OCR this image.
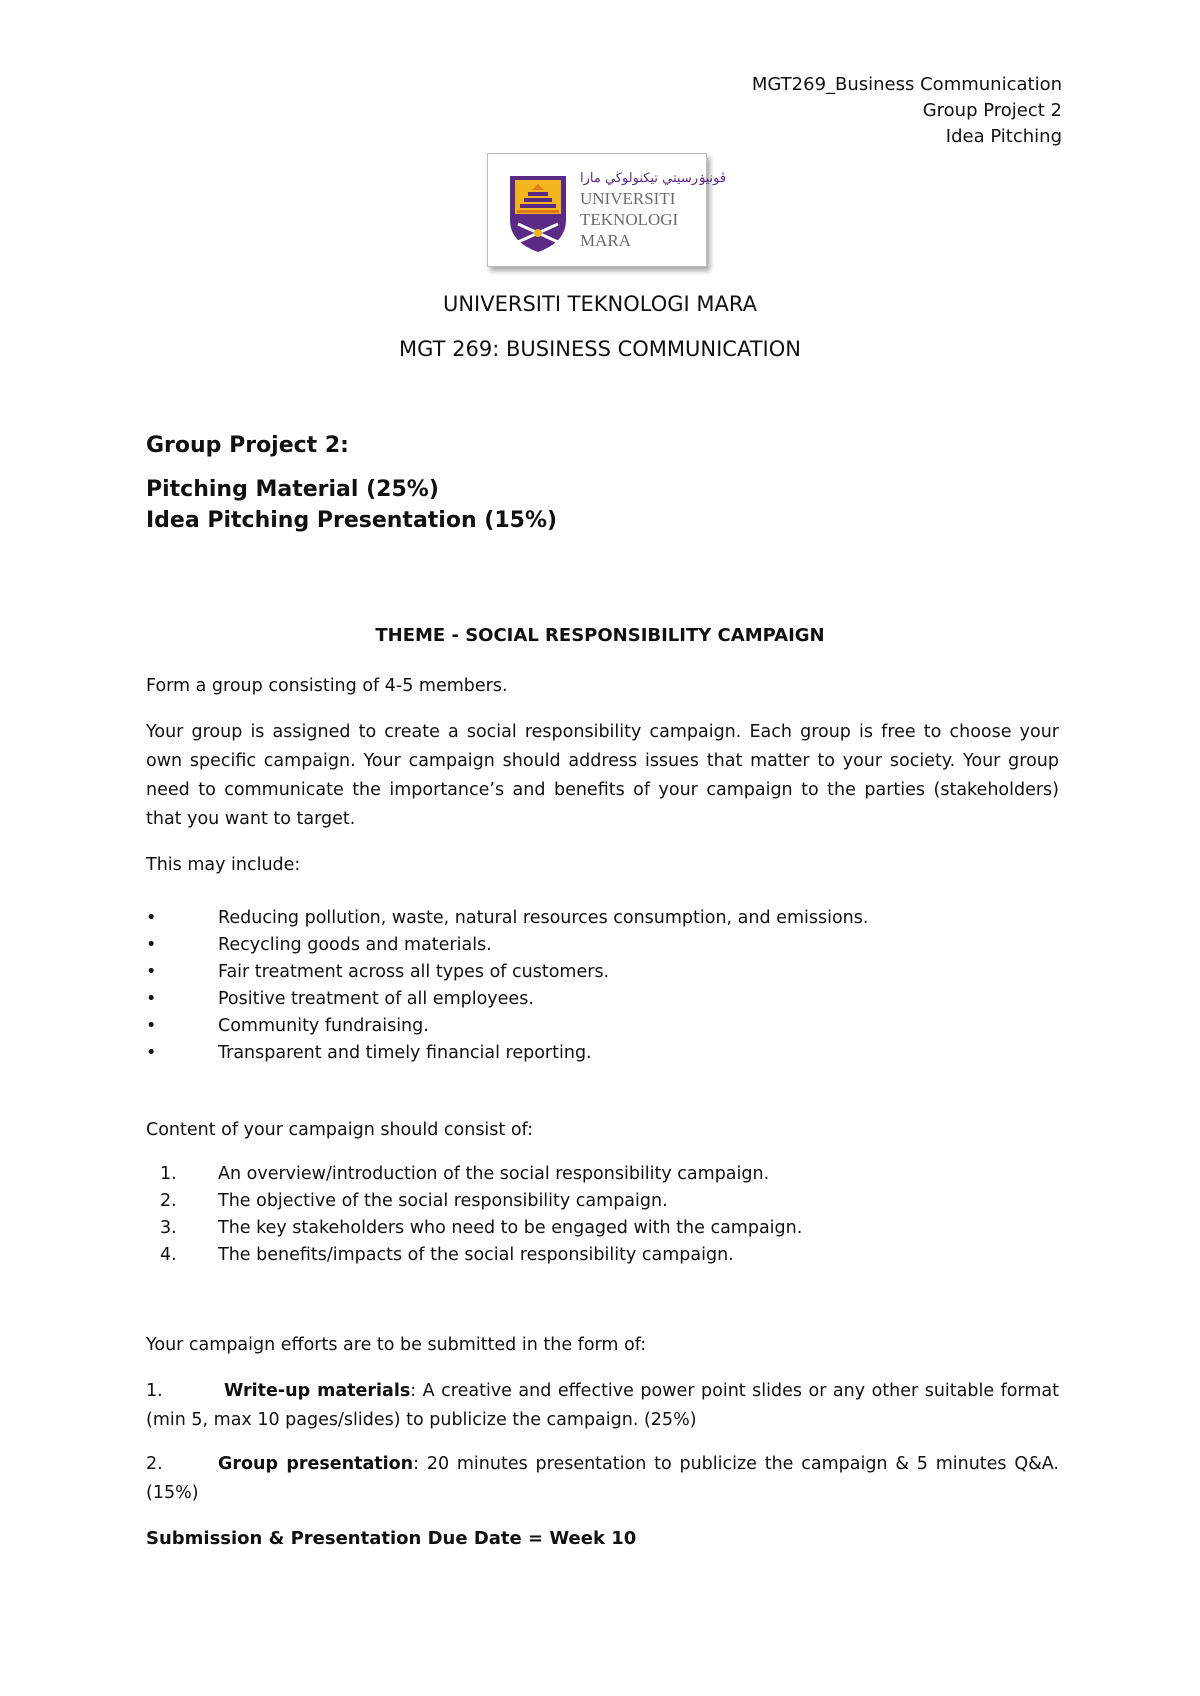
MGT269_Business Communication
Group Project 2
Idea Pitching
ڤونيۏرسيتي تيکنولوڬي مارا
UNIVERSITI
TEKNOLOGI
MARA
UNIVERSITI TEKNOLOGI MARA
MGT 269: BUSINESS COMMUNICATION
Group Project 2:
Pitching Material (25%)
Idea Pitching Presentation (15%)
THEME - SOCIAL RESPONSIBILITY CAMPAIGN
Form a group consisting of 4-5 members.
Your group is assigned to create a social responsibility campaign. Each group is free to choose your own specific campaign. Your campaign should address issues that matter to your society. Your group need to communicate the importance’s and benefits of your campaign to the parties (stakeholders) that you want to target.
This may include:
•	Reducing pollution, waste, natural resources consumption, and emissions.
•	Recycling goods and materials.
•	Fair treatment across all types of customers.
•	Positive treatment of all employees.
•	Community fundraising.
•	Transparent and timely financial reporting.
Content of your campaign should consist of:
1. An overview/introduction of the social responsibility campaign.
2. The objective of the social responsibility campaign.
3. The key stakeholders who need to be engaged with the campaign.
4. The benefits/impacts of the social responsibility campaign.
Your campaign efforts are to be submitted in the form of:
1.	Write-up materials: A creative and effective power point slides or any other suitable format (min 5, max 10 pages/slides) to publicize the campaign. (25%)
2.	Group presentation: 20 minutes presentation to publicize the campaign & 5 minutes Q&A. (15%)
Submission & Presentation Due Date = Week 10
